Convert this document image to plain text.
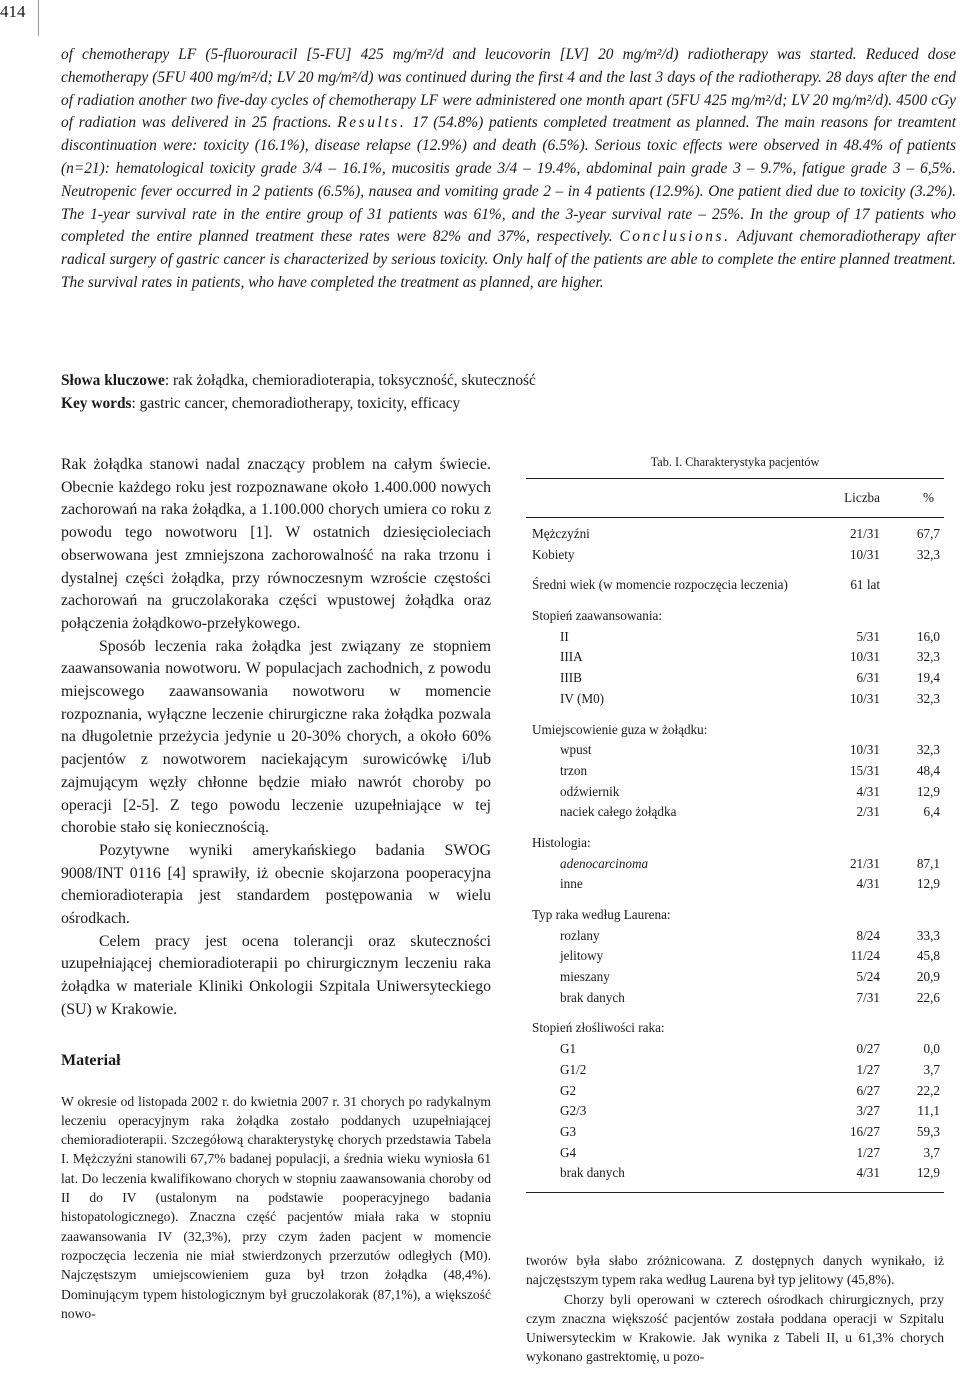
414
of chemotherapy LF (5-fluorouracil [5-FU] 425 mg/m²/d and leucovorin [LV] 20 mg/m²/d) radiotherapy was started. Reduced dose chemotherapy (5FU 400 mg/m²/d; LV 20 mg/m²/d) was continued during the first 4 and the last 3 days of the radiotherapy. 28 days after the end of radiation another two five-day cycles of chemotherapy LF were administered one month apart (5FU 425 mg/m²/d; LV 20 mg/m²/d). 4500 cGy of radiation was delivered in 25 fractions. Results. 17 (54.8%) patients completed treatment as planned. The main reasons for treamtent discontinuation were: toxicity (16.1%), disease relapse (12.9%) and death (6.5%). Serious toxic effects were observed in 48.4% of patients (n=21): hematological toxicity grade 3/4 – 16.1%, mucositis grade 3/4 – 19.4%, abdominal pain grade 3 – 9.7%, fatigue grade 3 – 6,5%. Neutropenic fever occurred in 2 patients (6.5%), nausea and vomiting grade 2 – in 4 patients (12.9%). One patient died due to toxicity (3.2%). The 1-year survival rate in the entire group of 31 patients was 61%, and the 3-year survival rate – 25%. In the group of 17 patients who completed the entire planned treatment these rates were 82% and 37%, respectively. Conclusions. Adjuvant chemoradiotherapy after radical surgery of gastric cancer is characterized by serious toxicity. Only half of the patients are able to complete the entire planned treatment. The survival rates in patients, who have completed the treatment as planned, are higher.
Słowa kluczowe: rak żołądka, chemioradioterapia, toksyczność, skuteczność
Key words: gastric cancer, chemoradiotherapy, toxicity, efficacy

Rak żołądka stanowi nadal znaczący problem na całym świecie. Obecnie każdego roku jest rozpoznawane około 1.400.000 nowych zachorowań na raka żołądka, a 1.100.000 chorych umiera co roku z powodu tego nowotworu [1]. W ostatnich dziesięcioleciach obserwowana jest zmniejszona zachorowalność na raka trzonu i dystalnej części żołądka, przy równoczesnym wzroście częstości zachorowań na gruczolakoraka części wpustowej żołądka oraz połączenia żołądkowo-przełykowego.

Sposób leczenia raka żołądka jest związany ze stopniem zaawansowania nowotworu. W populacjach zachodnich, z powodu miejscowego zaawansowania nowotworu w momencie rozpoznania, wyłączne leczenie chirurgiczne raka żołądka pozwala na długoletnie przeżycia jedynie u 20-30% chorych, a około 60% pacjentów z nowotworem naciekającym surowicówkę i/lub zajmującym węzły chłonne będzie miało nawrót choroby po operacji [2-5]. Z tego powodu leczenie uzupełniające w tej chorobie stało się koniecznością.

Pozytywne wyniki amerykańskiego badania SWOG 9008/INT 0116 [4] sprawiły, iż obecnie skojarzona pooperacyjna chemioradioterapia jest standardem postępowania w wielu ośrodkach.

Celem pracy jest ocena tolerancji oraz skuteczności uzupełniającej chemioradioterapii po chirurgicznym leczeniu raka żołądka w materiale Kliniki Onkologii Szpitala Uniwersyteckiego (SU) w Krakowie.

Materiał

W okresie od listopada 2002 r. do kwietnia 2007 r. 31 chorych po radykalnym leczeniu operacyjnym raka żołądka zostało poddanych uzupełniającej chemioradioterapii. Szczegółową charakterystykę chorych przedstawia Tabela I. Mężczyźni stanowili 67,7% badanej populacji, a średnia wieku wyniosła 61 lat. Do leczenia kwalifikowano chorych w stopniu zaawansowania choroby od II do IV (ustalonym na podstawie pooperacyjnego badania histopatologicznego). Znaczna część pacjentów miała raka w stopniu zaawansowania IV (32,3%), przy czym żaden pacjent w momencie rozpoczęcia leczenia nie miał stwierdzonych przerzutów odległych (M0). Najczęstszym umiejscowieniem guza był trzon żołądka (48,4%). Dominującym typem histologicznym był gruczolakorak (87,1%), a większość nowo-

Tab. I. Charakterystyka pacjentów
Liczba	%
Mężczyźni	21/31	67,7
Kobiety	10/31	32,3
Średni wiek (w momencie rozpoczęcia leczenia)	61 lat
Stopień zaawansowania:
II	5/31	16,0
IIIA	10/31	32,3
IIIB	6/31	19,4
IV (M0)	10/31	32,3
Umiejscowienie guza w żołądku:
wpust	10/31	32,3
trzon	15/31	48,4
odźwiernik	4/31	12,9
naciek całego żołądka	2/31	6,4
Histologia:
adenocarcinoma	21/31	87,1
inne	4/31	12,9
Typ raka według Laurena:
rozlany	8/24	33,3
jelitowy	11/24	45,8
mieszany	5/24	20,9
brak danych	7/31	22,6
Stopień złośliwości raka:
G1	0/27	0,0
G1/2	1/27	3,7
G2	6/27	22,2
G2/3	3/27	11,1
G3	16/27	59,3
G4	1/27	3,7
brak danych	4/31	12,9

tworów była słabo zróżnicowana. Z dostępnych danych wynikało, iż najczęstszym typem raka według Laurena był typ jelitowy (45,8%).

Chorzy byli operowani w czterech ośrodkach chirurgicznych, przy czym znaczna większość pacjentów została poddana operacji w Szpitalu Uniwersyteckim w Krakowie. Jak wynika z Tabeli II, u 61,3% chorych wykonano gastrektomię, u pozo-
